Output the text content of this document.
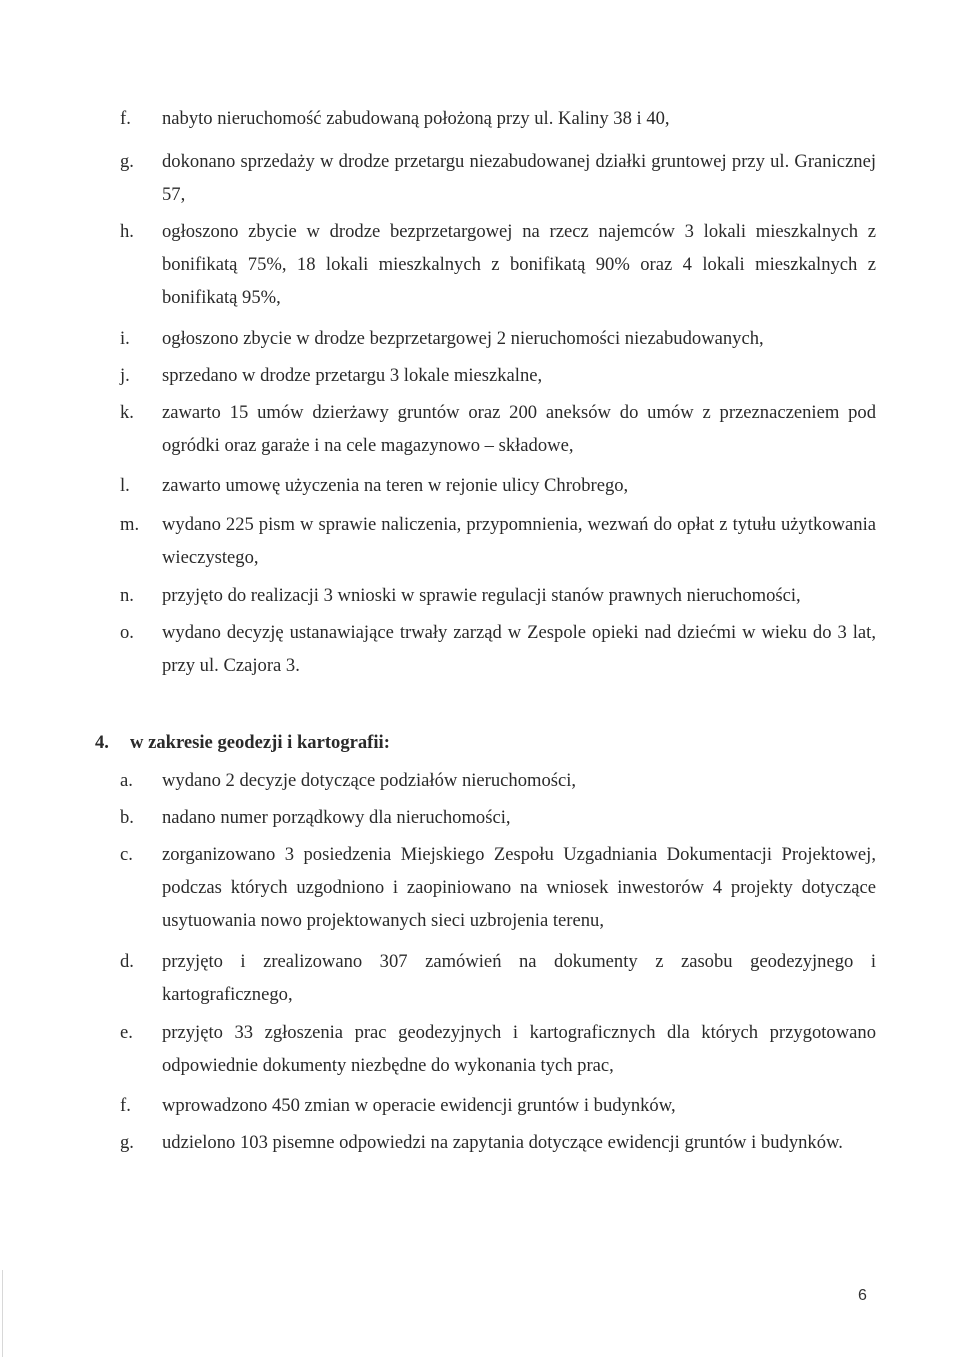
f. nabyto nieruchomość zabudowaną położoną przy ul. Kaliny 38 i 40,
g. dokonano sprzedaży w drodze przetargu niezabudowanej działki gruntowej przy ul. Granicznej 57,
h. ogłoszono zbycie w drodze bezprzetargowej na rzecz najemców 3 lokali mieszkalnych z bonifikatą 75%, 18 lokali mieszkalnych z bonifikatą 90% oraz 4 lokali mieszkalnych z bonifikatą 95%,
i. ogłoszono zbycie w drodze bezprzetargowej 2 nieruchomości niezabudowanych,
j. sprzedano w drodze przetargu 3 lokale mieszkalne,
k. zawarto 15 umów dzierżawy gruntów oraz 200 aneksów do umów z przeznaczeniem pod ogródki oraz garaże i na cele magazynowo – składowe,
l. zawarto umowę użyczenia na teren w rejonie ulicy Chrobrego,
m. wydano 225 pism w sprawie naliczenia, przypomnienia, wezwań do opłat z tytułu użytkowania wieczystego,
n. przyjęto do realizacji 3 wnioski w sprawie regulacji stanów prawnych nieruchomości,
o. wydano decyzję ustanawiające trwały zarząd w Zespole opieki nad dziećmi w wieku do 3 lat, przy ul. Czajora 3.
4. w zakresie geodezji i kartografii:
a. wydano 2 decyzje dotyczące podziałów nieruchomości,
b. nadano numer porządkowy dla nieruchomości,
c. zorganizowano 3 posiedzenia Miejskiego Zespołu Uzgadniania Dokumentacji Projektowej, podczas których uzgodniono i zaopiniowano na wniosek inwestorów 4 projekty dotyczące usytuowania nowo projektowanych sieci uzbrojenia terenu,
d. przyjęto i zrealizowano 307 zamówień na dokumenty z zasobu geodezyjnego i kartograficznego,
e. przyjęto 33 zgłoszenia prac geodezyjnych i kartograficznych dla których przygotowano odpowiednie dokumenty niezbędne do wykonania tych prac,
f. wprowadzono 450 zmian w operacie ewidencji gruntów i budynków,
g. udzielono 103 pisemne odpowiedzi na zapytania dotyczące ewidencji gruntów i budynków.
6
